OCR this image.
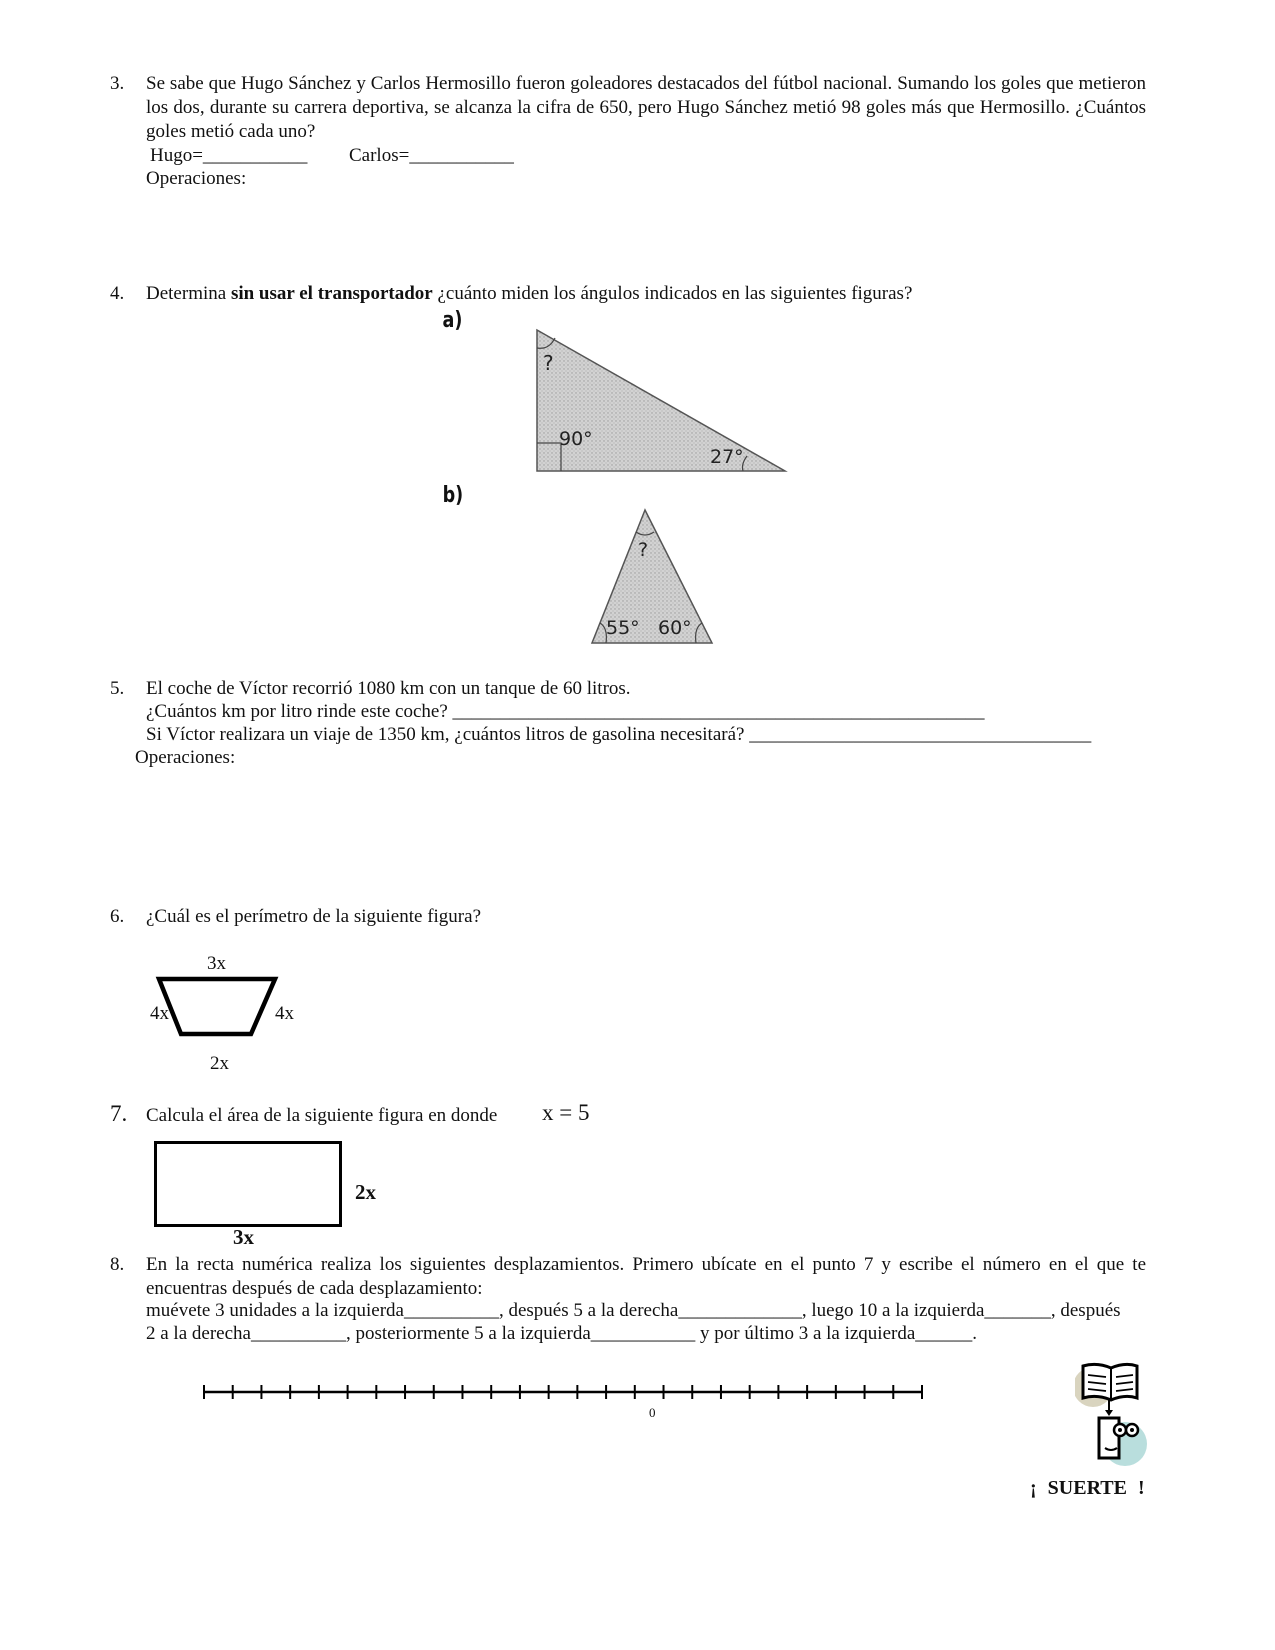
3. Se sabe que Hugo Sánchez y Carlos Hermosillo fueron goleadores destacados del fútbol nacional. Sumando los goles que metieron los dos, durante su carrera deportiva, se alcanza la cifra de 650, pero Hugo Sánchez metió 98 goles más que Hermosillo. ¿Cuántos goles metió cada uno?
Hugo=___________ Carlos=___________
Operaciones:
4. Determina sin usar el transportador ¿cuánto miden los ángulos indicados en las siguientes figuras?
a)
?
90°
27°
b)
?
55° 60°
5. El coche de Víctor recorrió 1080 km con un tanque de 60 litros.
¿Cuántos km por litro rinde este coche? ________________________________________________________
Si Víctor realizara un viaje de 1350 km, ¿cuántos litros de gasolina necesitará? ____________________________________
Operaciones:
6. ¿Cuál es el perímetro de la siguiente figura?
3x
4x	4x
2x
7. Calcula el área de la siguiente figura en donde x = 5
2x
3x
8. En la recta numérica realiza los siguientes desplazamientos. Primero ubícate en el punto 7 y escribe el número en el que te encuentras después de cada desplazamiento:
muévete 3 unidades a la izquierda__________, después 5 a la derecha_____________, luego 10 a la izquierda_______, después
2 a la derecha__________, posteriormente 5 a la izquierda___________ y por último 3 a la izquierda______.
0
¡ SUERTE !
